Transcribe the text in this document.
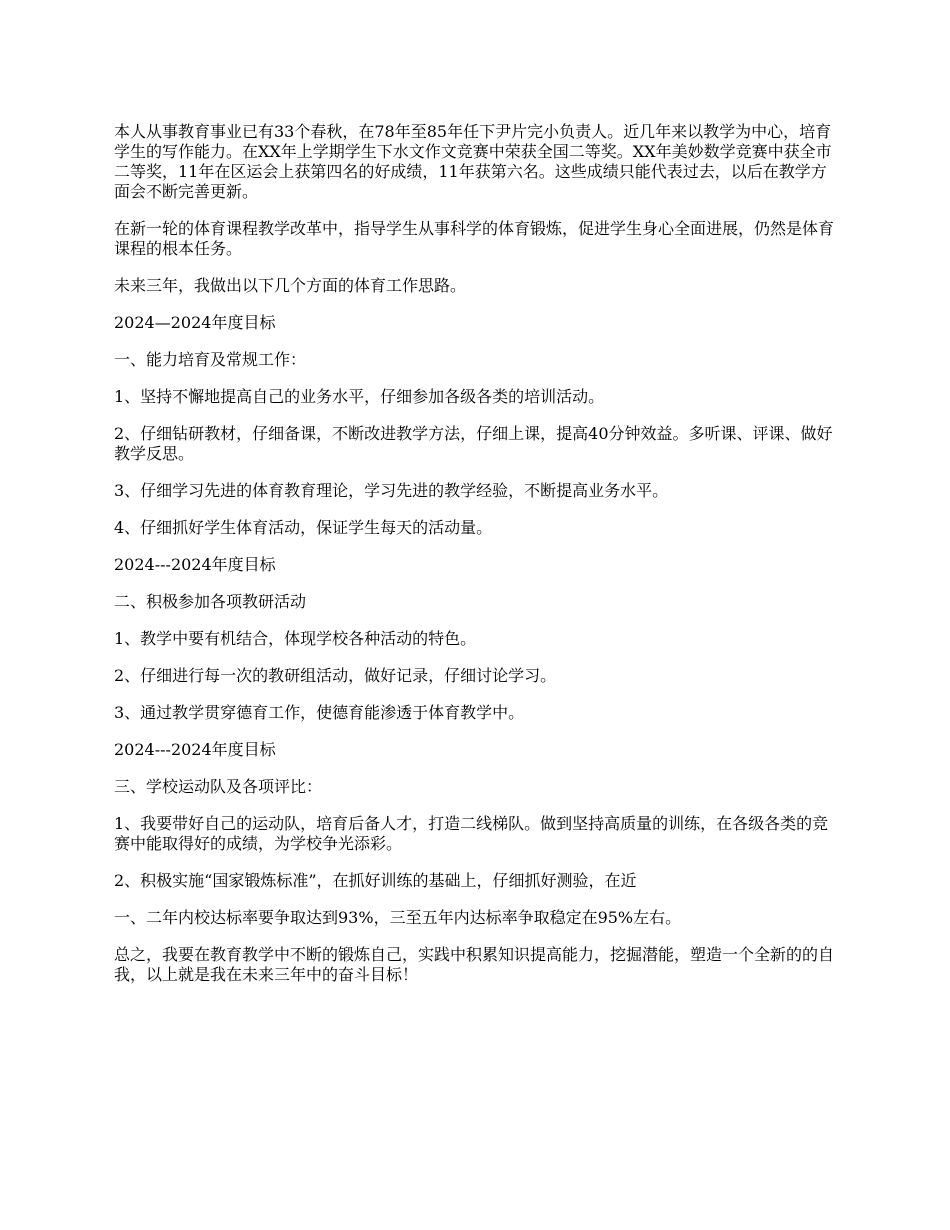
本人从事教育事业已有33个春秋，在78年至85年任下尹片完小负责人。近几年来以教学为中心，培育学生的写作能力。在XX年上学期学生下水文作文竞赛中荣获全国二等奖。XX年美妙数学竞赛中获全市二等奖，11年在区运会上获第四名的好成绩，11年获第六名。这些成绩只能代表过去，以后在教学方面会不断完善更新。

在新一轮的体育课程教学改革中，指导学生从事科学的体育锻炼，促进学生身心全面进展，仍然是体育课程的根本任务。

未来三年，我做出以下几个方面的体育工作思路。

2024—2024年度目标

一、能力培育及常规工作：

1、坚持不懈地提高自己的业务水平，仔细参加各级各类的培训活动。

2、仔细钻研教材，仔细备课，不断改进教学方法，仔细上课，提高40分钟效益。多听课、评课、做好教学反思。

3、仔细学习先进的体育教育理论，学习先进的教学经验，不断提高业务水平。

4、仔细抓好学生体育活动，保证学生每天的活动量。

2024---2024年度目标

二、积极参加各项教研活动

1、教学中要有机结合，体现学校各种活动的特色。

2、仔细进行每一次的教研组活动，做好记录，仔细讨论学习。

3、通过教学贯穿德育工作，使德育能渗透于体育教学中。

2024---2024年度目标

三、学校运动队及各项评比：

1、我要带好自己的运动队，培育后备人才，打造二线梯队。做到坚持高质量的训练，在各级各类的竞赛中能取得好的成绩，为学校争光添彩。

2、积极实施“国家锻炼标准”，在抓好训练的基础上，仔细抓好测验，在近

一、二年内校达标率要争取达到93%，三至五年内达标率争取稳定在95%左右。

总之，我要在教育教学中不断的锻炼自己，实践中积累知识提高能力，挖掘潜能，塑造一个全新的的自我，以上就是我在未来三年中的奋斗目标！
